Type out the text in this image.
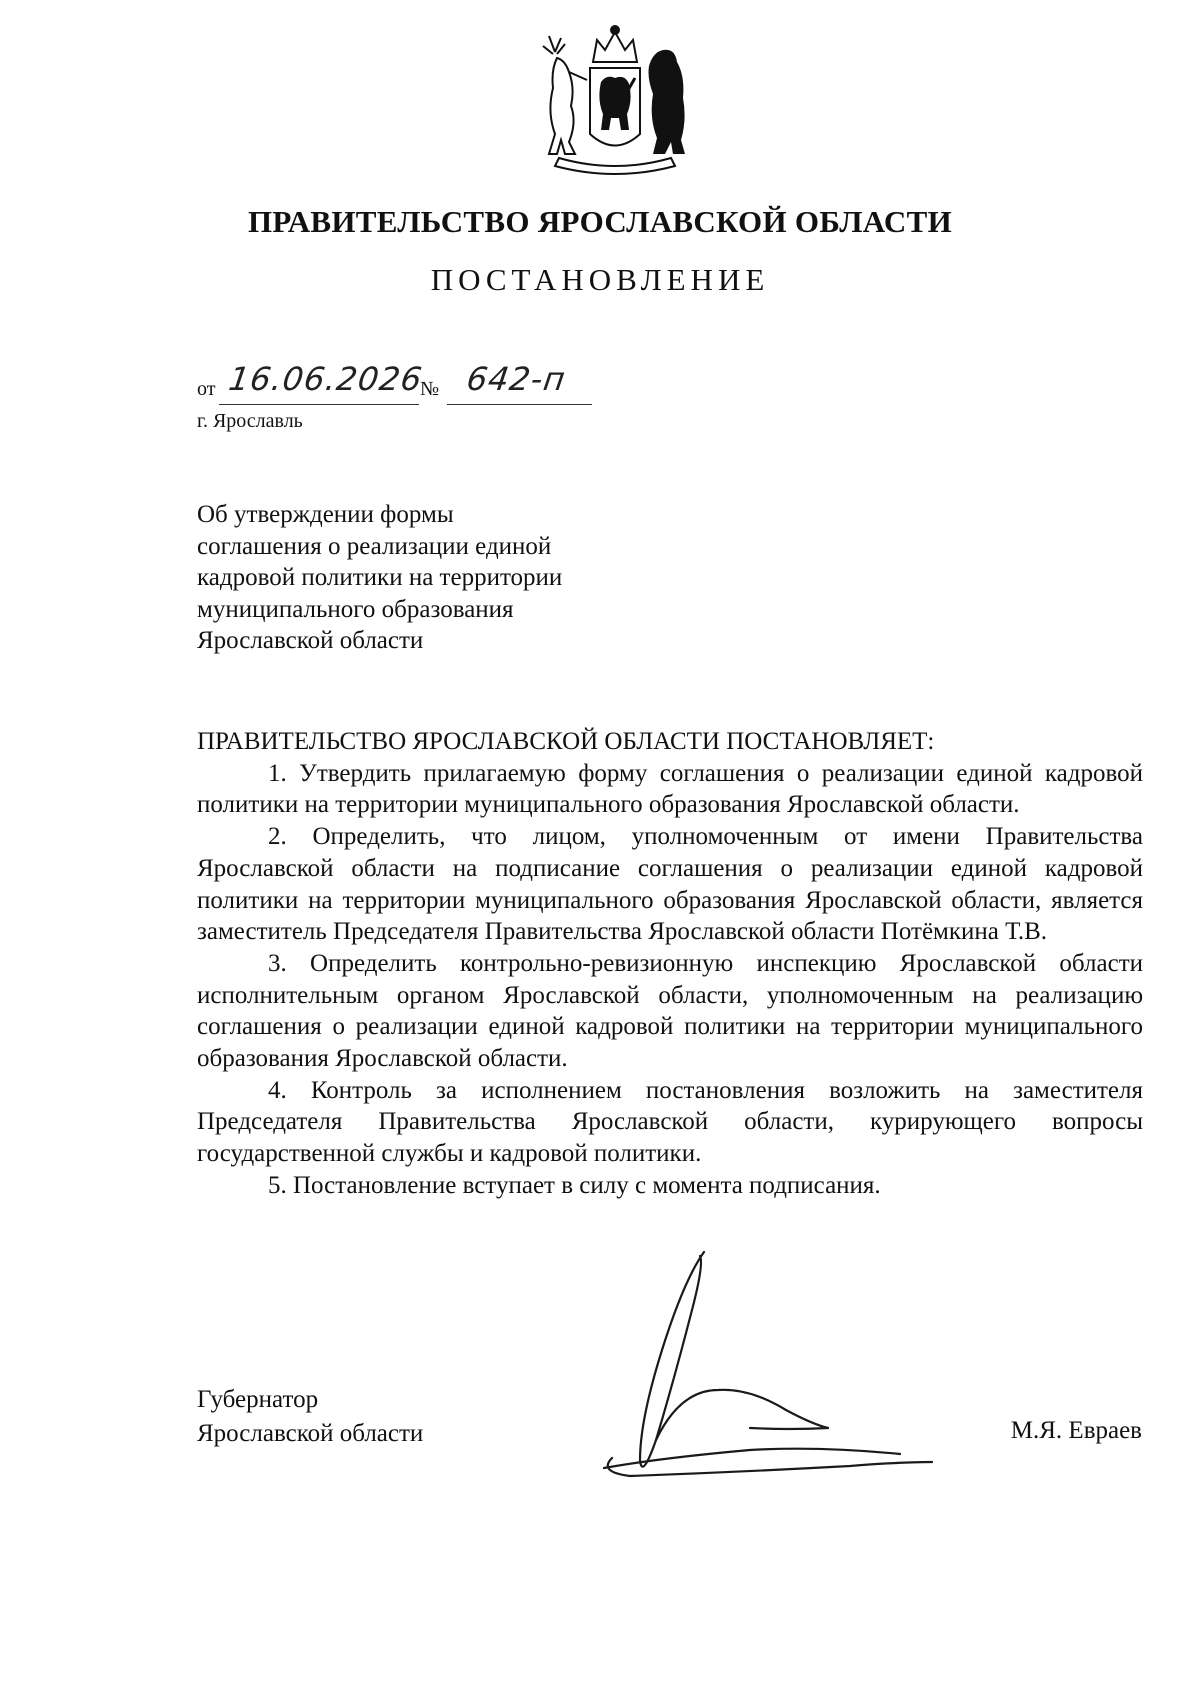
ПРАВИТЕЛЬСТВО ЯРОСЛАВСКОЙ ОБЛАСТИ
ПОСТАНОВЛЕНИЕ
от 16.06.2026
№ 642-п
г. Ярославль
Об утверждении формы
соглашения о реализации единой
кадровой политики на территории
муниципального образования
Ярославской области
ПРАВИТЕЛЬСТВО ЯРОСЛАВСКОЙ ОБЛАСТИ ПОСТАНОВЛЯЕТ:

1. Утвердить прилагаемую форму соглашения о реализации единой кадровой политики на территории муниципального образования Ярославской области.

2. Определить, что лицом, уполномоченным от имени Правительства Ярославской области на подписание соглашения о реализации единой кадровой политики на территории муниципального образования Ярославской области, является заместитель Председателя Правительства Ярославской области Потёмкина Т.В.

3. Определить контрольно-ревизионную инспекцию Ярославской области исполнительным органом Ярославской области, уполномоченным на реализацию соглашения о реализации единой кадровой политики на территории муниципального образования Ярославской области.

4. Контроль за исполнением постановления возложить на заместителя Председателя Правительства Ярославской области, курирующего вопросы государственной службы и кадровой политики.

5. Постановление вступает в силу с момента подписания.

Губернатор
Ярославской области	М.Я. Евраев
